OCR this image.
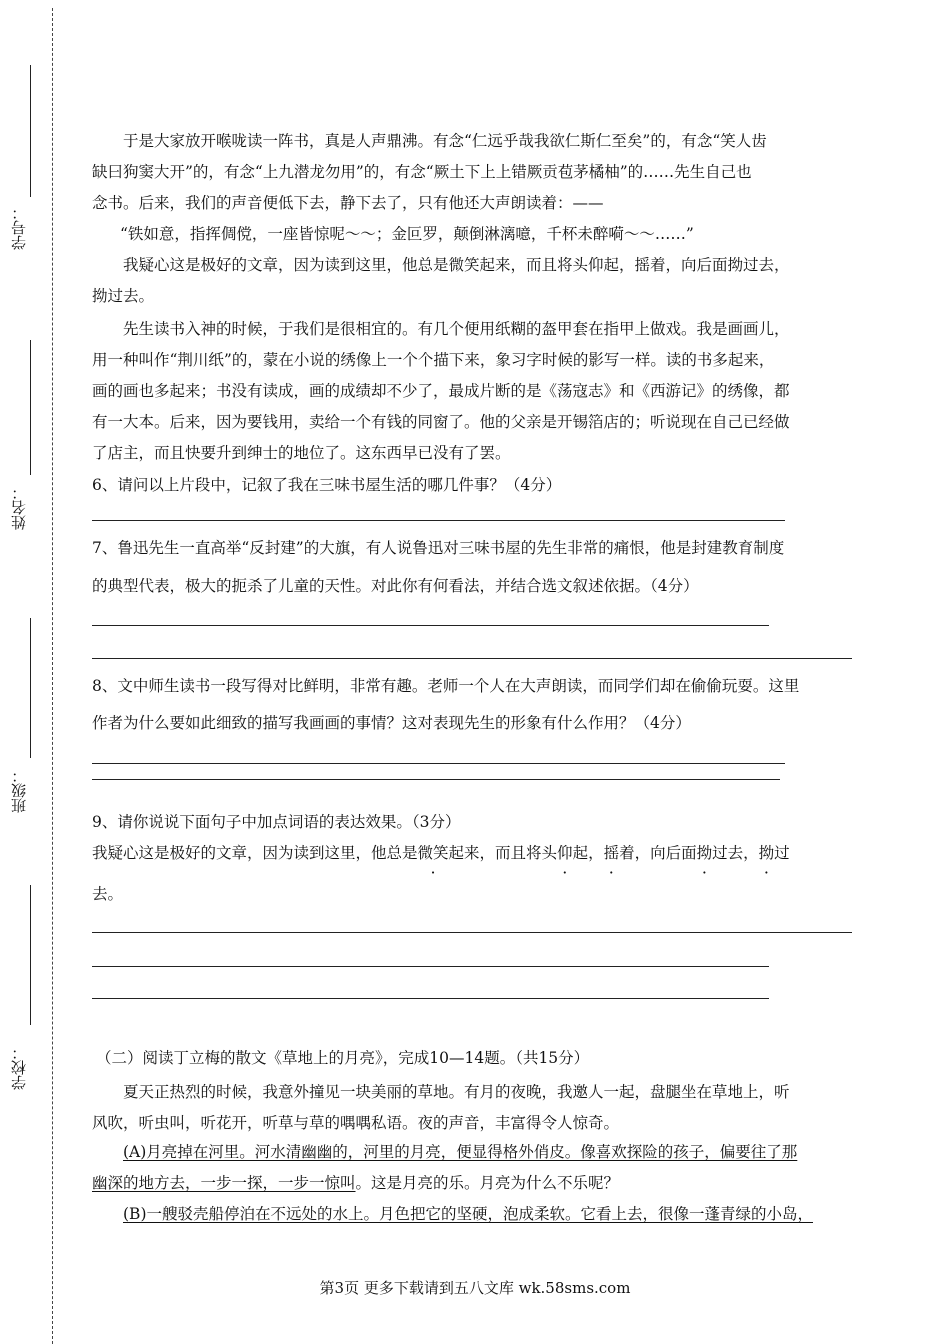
学号：
姓名：
班级：
学校：

于是大家放开喉咙读一阵书，真是人声鼎沸。有念“仁远乎哉我欲仁斯仁至矣”的，有念“笑人齿

缺曰狗窦大开”的，有念“上九潜龙勿用”的，有念“厥土下上上错厥贡苞茅橘柚”的……先生自己也

念书。后来，我们的声音便低下去，静下去了，只有他还大声朗读着：——

“铁如意，指挥倜傥，一座皆惊呢～～；金叵罗，颠倒淋漓噫，千杯未醉嗬～～……”

我疑心这是极好的文章，因为读到这里，他总是微笑起来，而且将头仰起，摇着，向后面拗过去，

拗过去。

先生读书入神的时候，于我们是很相宜的。有几个便用纸糊的盔甲套在指甲上做戏。我是画画儿，

用一种叫作“荆川纸”的，蒙在小说的绣像上一个个描下来，象习字时候的影写一样。读的书多起来，

画的画也多起来；书没有读成，画的成绩却不少了，最成片断的是《荡寇志》和《西游记》的绣像，都

有一大本。后来，因为要钱用，卖给一个有钱的同窗了。他的父亲是开锡箔店的；听说现在自己已经做

了店主，而且快要升到绅士的地位了。这东西早已没有了罢。

6、请问以上片段中，记叙了我在三味书屋生活的哪几件事？（4分）

7、鲁迅先生一直高举“反封建”的大旗，有人说鲁迅对三味书屋的先生非常的痛恨，他是封建教育制度

的典型代表，极大的扼杀了儿童的天性。对此你有何看法，并结合选文叙述依据。（4分）

8、文中师生读书一段写得对比鲜明，非常有趣。老师一个人在大声朗读，而同学们却在偷偷玩耍。这里

作者为什么要如此细致的描写我画画的事情？这对表现先生的形象有什么作用？（4分）

9、请你说说下面句子中加点词语的表达效果。（3分）

我疑心这是极好的文章，因为读到这里，他总是微笑起来，而且将头仰起，摇着，向后面拗过去，拗过

去。

（二）阅读丁立梅的散文《草地上的月亮》，完成10—14题。（共15分）

夏天正热烈的时候，我意外撞见一块美丽的草地。有月的夜晚，我邀人一起，盘腿坐在草地上，听

风吹，听虫叫，听花开，听草与草的喁喁私语。夜的声音，丰富得令人惊奇。

(A)月亮掉在河里。河水清幽幽的，河里的月亮，便显得格外俏皮。像喜欢探险的孩子，偏要往了那

幽深的地方去，一步一探，一步一惊叫。这是月亮的乐。月亮为什么不乐呢？

(B)一艘驳壳船停泊在不远处的水上。月色把它的坚硬，泡成柔软。它看上去，很像一蓬青绿的小岛，

第3页 更多下载请到五八文库 wk.58sms.com
